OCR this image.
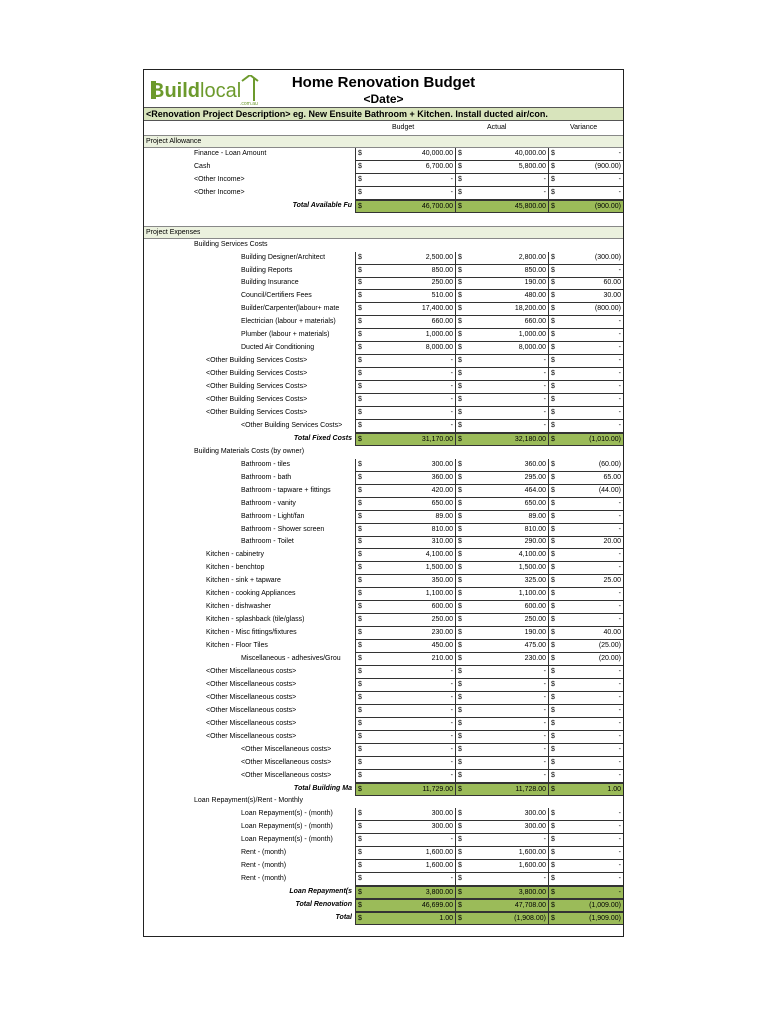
Build local
.com.au
Home Renovation Budget
<Date>
<Renovation Project Description> eg. New Ensuite Bathroom + Kitchen. Install ducted air/con.
Budget	Actual	Variance
Project Allowance
Finance - Loan Amount	$	40,000.00 $	40,000.00 $	-
Cash	$	6,700.00 $	5,800.00 $	(900.00)
<Other Income>	$	- $	- $	-
<Other Income>	$	- $	- $	-
Total Available Fu $	46,700.00 $	45,800.00 $	(900.00)
Project Expenses
Building Services Costs
Building Designer/Architect	$	2,500.00 $	2,800.00 $	(300.00)
Building Reports	$	850.00 $	850.00 $	-
Building Insurance	$	250.00 $	190.00 $	60.00
Council/Certifiers Fees	$	510.00 $	480.00 $	30.00
Builder/Carpenter(labour+ mate	$	17,400.00 $	18,200.00 $	(800.00)
Electrician (labour + materials)	$	660.00 $	660.00 $	-
Plumber (labour + materials)	$	1,000.00 $	1,000.00 $	-
Ducted Air Conditioning	$	8,000.00 $	8,000.00 $	-
<Other Building Services Costs>	$	- $	- $	-
<Other Building Services Costs>	$	- $	- $	-
<Other Building Services Costs>	$	- $	- $	-
<Other Building Services Costs>	$	- $	- $	-
<Other Building Services Costs>	$	- $	- $	-
<Other Building Services Costs>	$	- $	- $	-
Total Fixed Costs $	31,170.00 $	32,180.00 $	(1,010.00)
Building Materials Costs (by owner)
Bathroom - tiles	$	300.00 $	360.00 $	(60.00)
Bathroom - bath	$	360.00 $	295.00 $	65.00
Bathroom - tapware + fittings	$	420.00 $	464.00 $	(44.00)
Bathroom - vanity	$	650.00 $	650.00 $	-
Bathroom - Light/fan	$	89.00 $	89.00 $	-
Bathroom - Shower screen	$	810.00 $	810.00 $	-
Bathroom - Toilet	$	310.00 $	290.00 $	20.00
Kitchen - cabinetry	$	4,100.00 $	4,100.00 $	-
Kitchen - benchtop	$	1,500.00 $	1,500.00 $	-
Kitchen - sink + tapware	$	350.00 $	325.00 $	25.00
Kitchen - cooking Appliances	$	1,100.00 $	1,100.00 $	-
Kitchen - dishwasher	$	600.00 $	600.00 $	-
Kitchen - splashback (tile/glass)	$	250.00 $	250.00 $	-
Kitchen - Misc fittings/fixtures	$	230.00 $	190.00 $	40.00
Kitchen - Floor Tiles	$	450.00 $	475.00 $	(25.00)
Miscellaneous - adhesives/Grou	$	210.00 $	230.00 $	(20.00)
<Other Miscellaneous costs>	$	- $	- $	-
<Other Miscellaneous costs>	$	- $	- $	-
<Other Miscellaneous costs>	$	- $	- $	-
<Other Miscellaneous costs>	$	- $	- $	-
<Other Miscellaneous costs>	$	- $	- $	-
<Other Miscellaneous costs>	$	- $	- $	-
<Other Miscellaneous costs>	$	- $	- $	-
<Other Miscellaneous costs>	$	- $	- $	-
<Other Miscellaneous costs>	$	- $	- $	-
Total Building Ma $	11,729.00 $	11,728.00 $	1.00
Loan Repayment(s)/Rent - Monthly
Loan Repayment(s) - (month)	$	300.00 $	300.00 $	-
Loan Repayment(s) - (month)	$	300.00 $	300.00 $	-
Loan Repayment(s) - (month)	$	- $	- $	-
Rent - (month)	$	1,600.00 $	1,600.00 $	-
Rent - (month)	$	1,600.00 $	1,600.00 $	-
Rent - (month)	$	- $	- $	-
Loan Repayment(s $	3,800.00 $	3,800.00 $	-
Total Renovation $	46,699.00 $	47,708.00 $	(1,009.00)
Total $	1.00 $	(1,908.00) $	(1,909.00)
